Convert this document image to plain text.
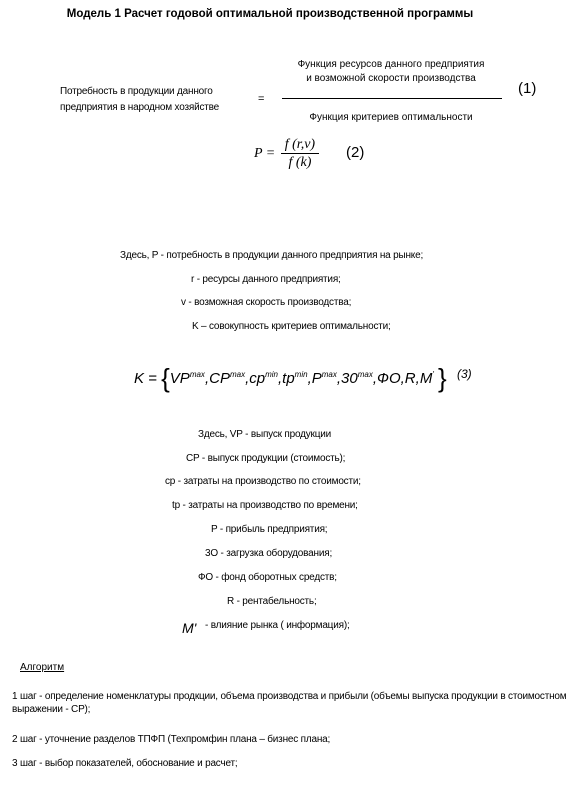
Модель 1 Расчет годовой оптимальной производственной программы
Потребность в продукции данного
предприятия в народном хозяйстве
=
Функция ресурсов данного предприятия
и возможной скорости производства
Функция критериев оптимальности
(1)
$P = \frac{f (r,v)}{f (k)} (2)$
Здесь, P - потребность в продукции данного предприятия на рынке;
r - ресурсы данного предприятия;
v - возможная скорость производства;
K – совокупность критериев оптимальности;
$K = \{VP^{max},CP^{max},cp^{min},tp^{min},P^{max},30^{max},ФО,R,M'$ } (3)
Здесь, VP - выпуск продукции
CP - выпуск продукции (стоимость);
cp - затраты на производство по стоимости;
tp - затраты на производство по времени;
P - прибыль предприятия;
3O - загрузка оборудования;
ФО - фонд оборотных средств;
R - рентабельность;
M' - влияние рынка ( информация);
Алгоритм
1 шаг - определение номенклатуры продкции, объема производства и прибыли (объемы выпуска продукции в стоимостном выражении - CP);
2 шаг - уточнение разделов ТПФП (Техпромфин плана – бизнес плана;
3 шаг - выбор показателей, обоснование и расчет;
